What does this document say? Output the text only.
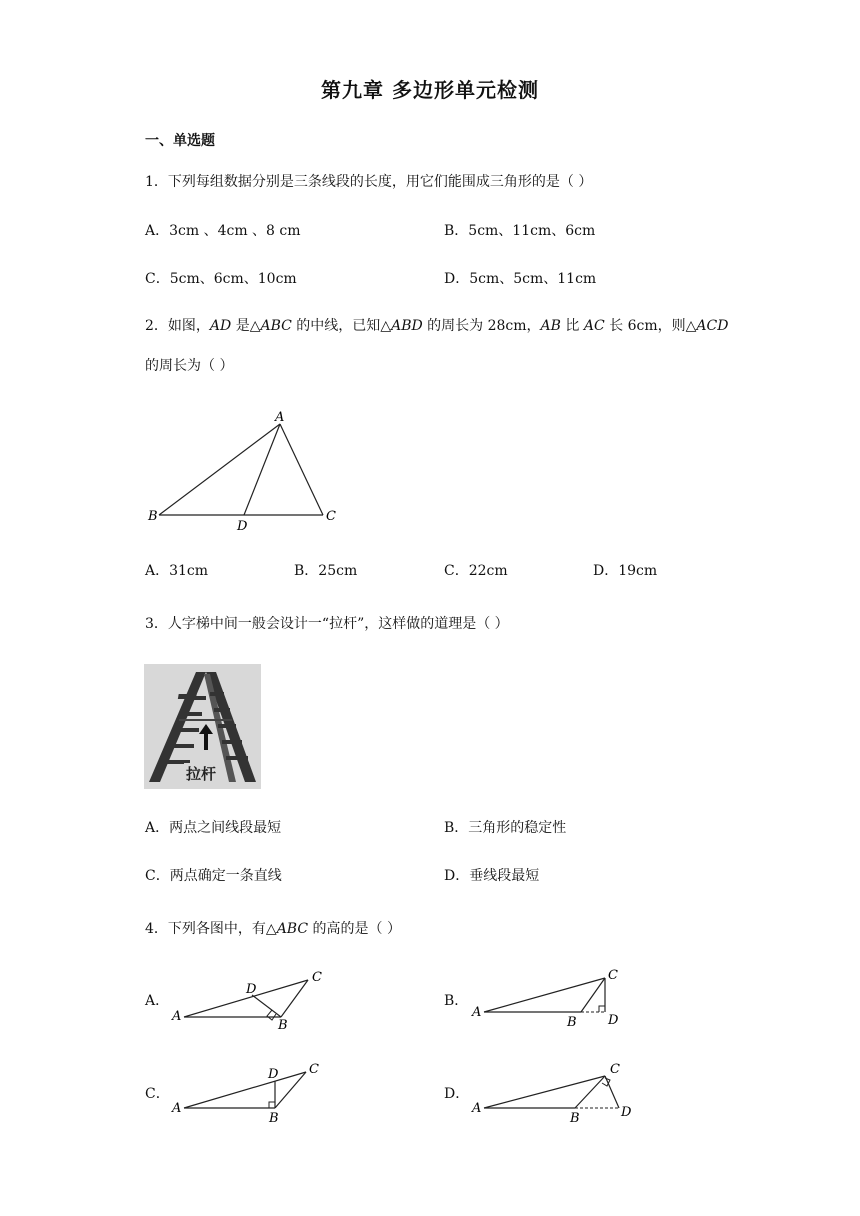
第九章 多边形单元检测
一、单选题
1．下列每组数据分别是三条线段的长度，用它们能围成三角形的是（ ）
A．3cm 、4cm 、8 cm	B．5cm、11cm、6cm
C．5cm、6cm、10cm	D．5cm、5cm、11cm
2．如图，AD 是△ABC 的中线，已知△ABD 的周长为 28cm，AB 比 AC 长 6cm，则△ACD
的周长为（ ）
A
B	C
D
A．31cm	B．25cm	C．22cm	D．19cm
3．人字梯中间一般会设计一“拉杆”，这样做的道理是（ ）
拉杆
A．两点之间线段最短	B．三角形的稳定性
C．两点确定一条直线	D．垂线段最短
4．下列各图中，有△ABC 的高的是（ ）
A．
A
B
C
D
B．
A
B
C
D
C．
A
B
C
D
D．
A
B
C
D
